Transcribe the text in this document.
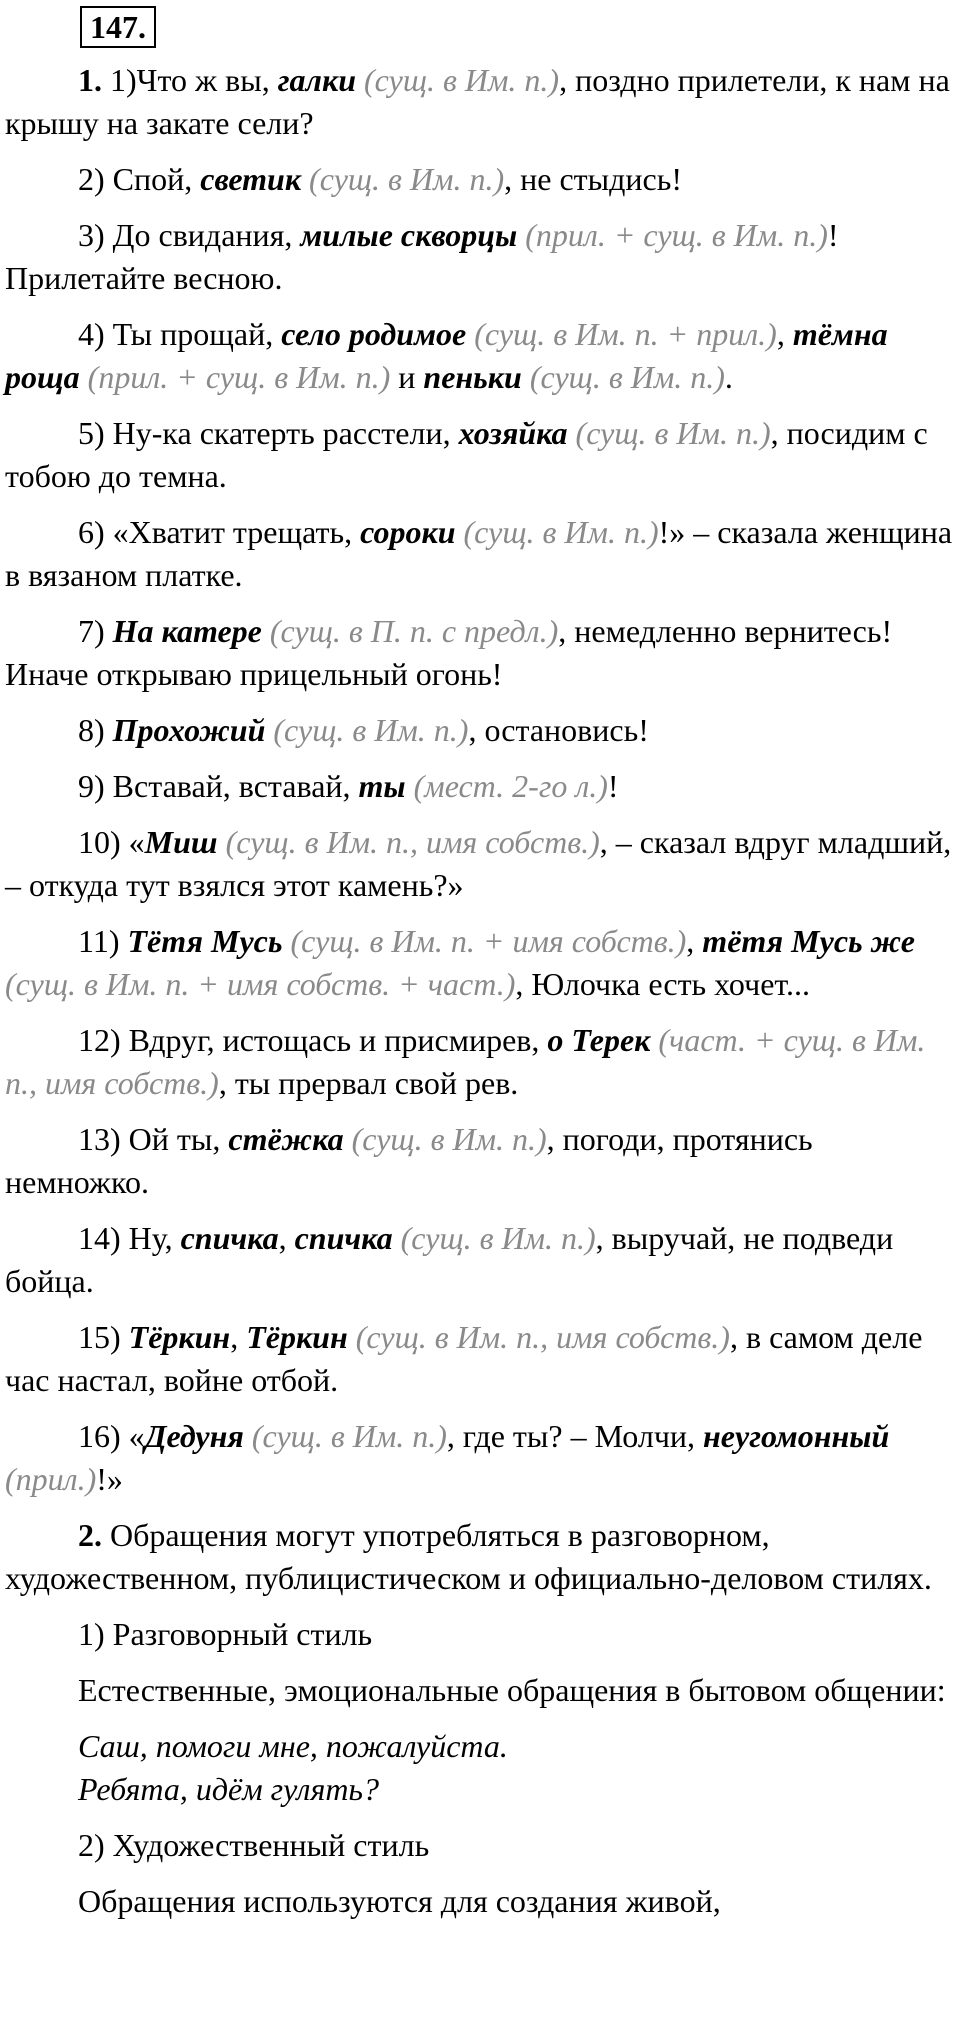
147.

1. 1)Что ж вы, галки (сущ. в Им. п.), поздно прилетели, к нам на крышу на закате сели?

2) Спой, светик (сущ. в Им. п.), не стыдись!

3) До свидания, милые скворцы (прил. + сущ. в Им. п.)! Прилетайте весною.

4) Ты прощай, село родимое (сущ. в Им. п. + прил.), тёмна роща (прил. + сущ. в Им. п.) и пеньки (сущ. в Им. п.).

5) Ну-ка скатерть расстели, хозяйка (сущ. в Им. п.), посидим с тобою до темна.

6) «Хватит трещать, сороки (сущ. в Им. п.)!» – сказала женщина в вязаном платке.

7) На катере (сущ. в П. п. с предл.), немедленно вернитесь! Иначе открываю прицельный огонь!

8) Прохожий (сущ. в Им. п.), остановись!

9) Вставай, вставай, ты (мест. 2-го л.)!

10) «Миш (сущ. в Им. п., имя собств.), – сказал вдруг младший, – откуда тут взялся этот камень?»

11) Тётя Мусь (сущ. в Им. п. + имя собств.), тётя Мусь же (сущ. в Им. п. + имя собств. + част.), Юлочка есть хочет...

12) Вдруг, истощась и присмирев, о Терек (част. + сущ. в Им. п., имя собств.), ты прервал свой рев.

13) Ой ты, стёжка (сущ. в Им. п.), погоди, протянись немножко.

14) Ну, спичка, спичка (сущ. в Им. п.), выручай, не подведи бойца.

15) Тёркин, Тёркин (сущ. в Им. п., имя собств.), в самом деле час настал, войне отбой.

16) «Дедуня (сущ. в Им. п.), где ты? – Молчи, неугомонный (прил.)!»

2. Обращения могут употребляться в разговорном, художественном, публицистическом и официально-деловом стилях.

1) Разговорный стиль

Естественные, эмоциональные обращения в бытовом общении:

Саш, помоги мне, пожалуйста.

Ребята, идём гулять?

2) Художественный стиль

Обращения используются для создания живой,
